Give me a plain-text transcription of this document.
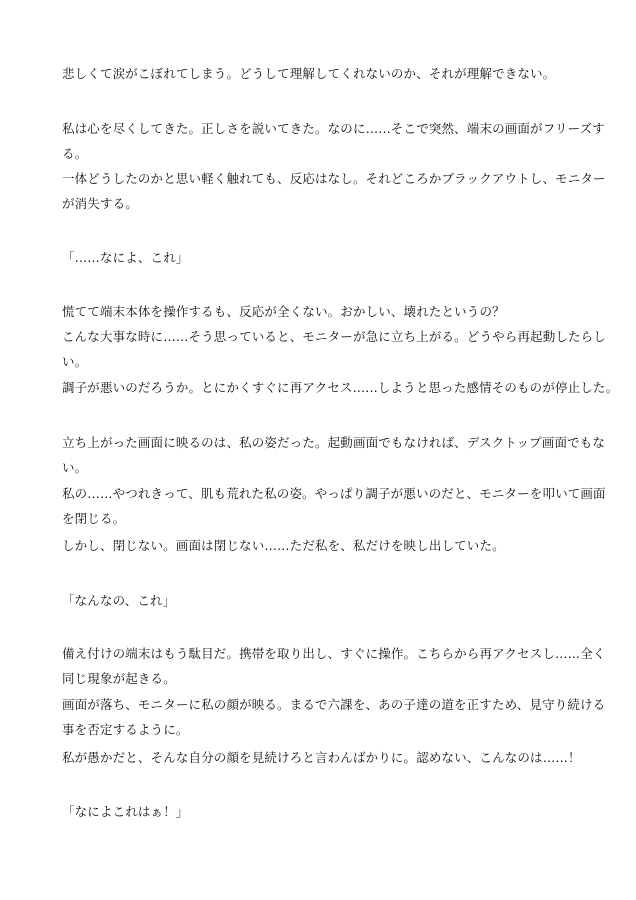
悲しくて涙がこぼれてしまう。どうして理解してくれないのか、それが理解できない。

私は心を尽くしてきた。正しさを説いてきた。なのに……そこで突然、端末の画面がフリーズす

る。

一体どうしたのかと思い軽く触れても、反応はなし。それどころかブラックアウトし、モニター

が消失する。

「……なによ、これ」

慌てて端末本体を操作するも、反応が全くない。おかしい、壊れたというの？

こんな大事な時に……そう思っていると、モニターが急に立ち上がる。どうやら再起動したらし

い。

調子が悪いのだろうか。とにかくすぐに再アクセス……しようと思った感情そのものが停止した。

立ち上がった画面に映るのは、私の姿だった。起動画面でもなければ、デスクトップ画面でもな

い。

私の……やつれきって、肌も荒れた私の姿。やっぱり調子が悪いのだと、モニターを叩いて画面

を閉じる。

しかし、閉じない。画面は閉じない……ただ私を、私だけを映し出していた。

「なんなの、これ」

備え付けの端末はもう駄目だ。携帯を取り出し、すぐに操作。こちらから再アクセスし……全く

同じ現象が起きる。

画面が落ち、モニターに私の顔が映る。まるで六課を、あの子達の道を正すため、見守り続ける

事を否定するように。

私が愚かだと、そんな自分の顔を見続けろと言わんばかりに。認めない、こんなのは……！

「なによこれはぁ！」
